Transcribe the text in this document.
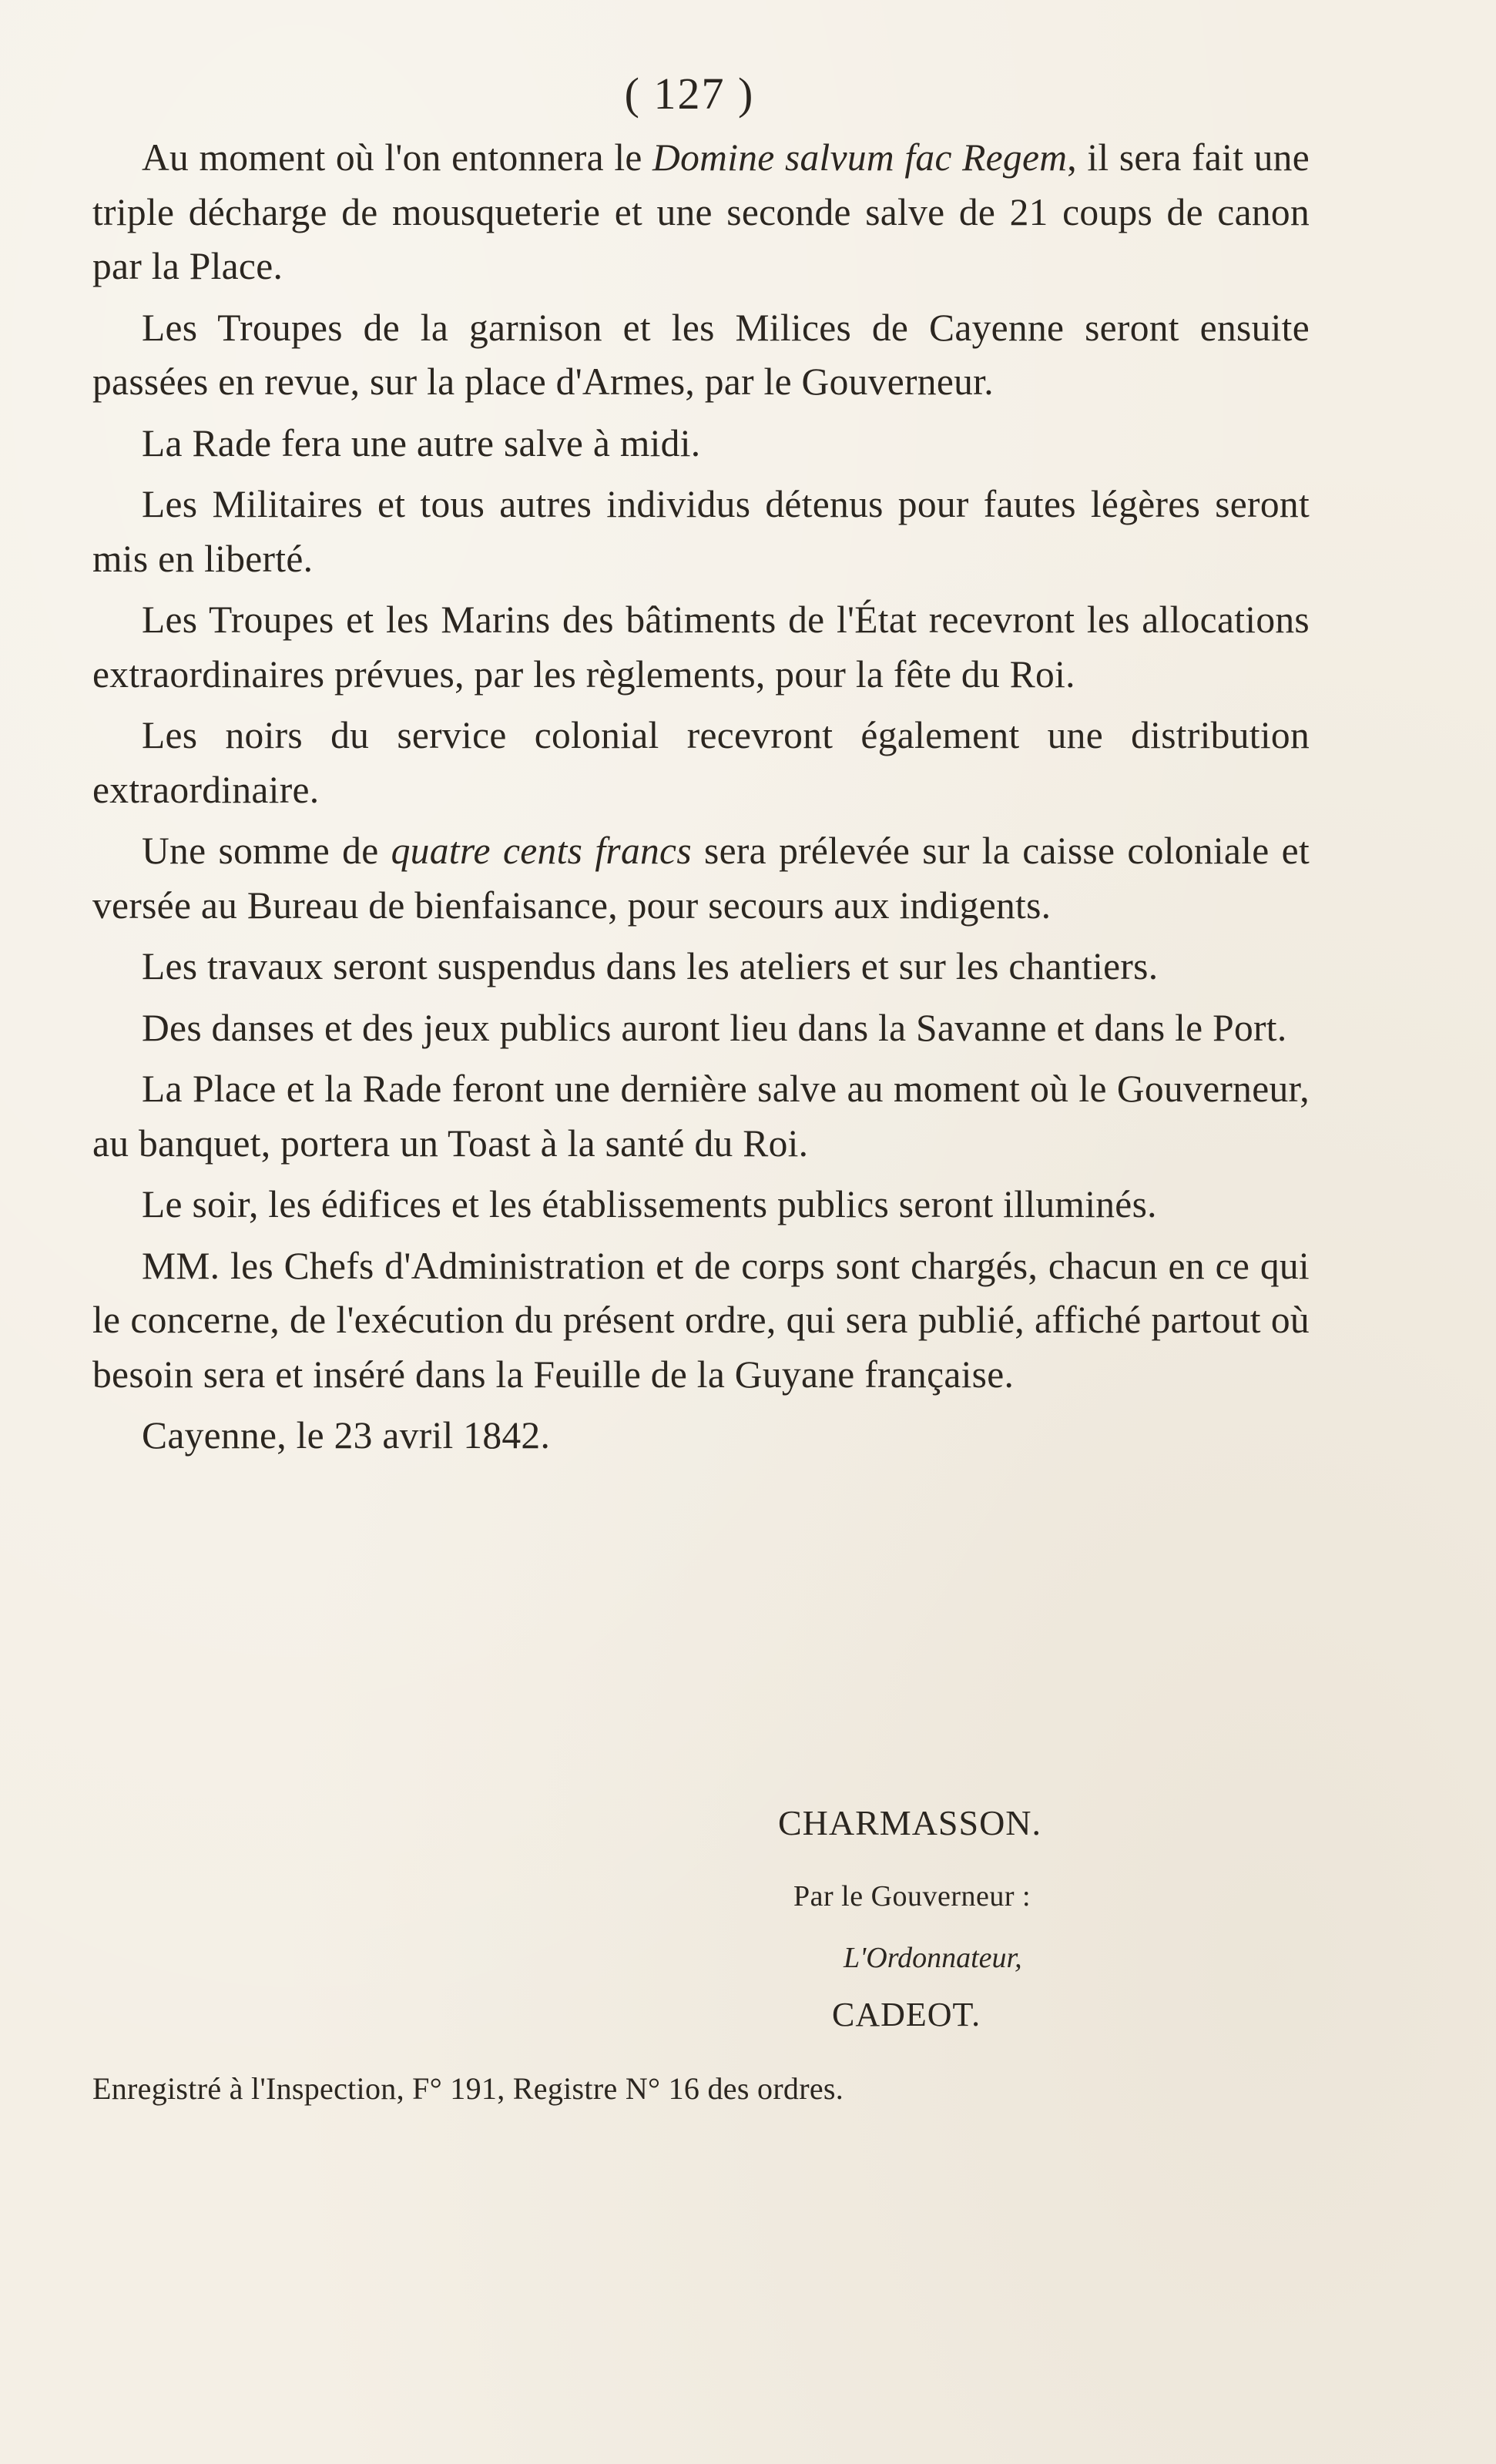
( 127 )

Au moment où l'on entonnera le Domine salvum fac Regem, il sera fait une triple décharge de mousqueterie et une seconde salve de 21 coups de canon par la Place.

Les Troupes de la garnison et les Milices de Cayenne seront ensuite passées en revue, sur la place d'Armes, par le Gouverneur.

La Rade fera une autre salve à midi.

Les Militaires et tous autres individus détenus pour fautes légères seront mis en liberté.

Les Troupes et les Marins des bâtiments de l'État recevront les allocations extraordinaires prévues, par les règlements, pour la fête du Roi.

Les noirs du service colonial recevront également une distribution extraordinaire.

Une somme de quatre cents francs sera prélevée sur la caisse coloniale et versée au Bureau de bienfaisance, pour secours aux indigents.

Les travaux seront suspendus dans les ateliers et sur les chantiers.

Des danses et des jeux publics auront lieu dans la Savanne et dans le Port.

La Place et la Rade feront une dernière salve au moment où le Gouverneur, au banquet, portera un Toast à la santé du Roi.

Le soir, les édifices et les établissements publics seront illuminés.

MM. les Chefs d'Administration et de corps sont chargés, chacun en ce qui le concerne, de l'exécution du présent ordre, qui sera publié, affiché partout où besoin sera et inséré dans la Feuille de la Guyane française.

Cayenne, le 23 avril 1842.

CHARMASSON.
Par le Gouverneur :
L'Ordonnateur,
CADEOT.
Enregistré à l'Inspection, F° 191, Registre N° 16 des ordres.
